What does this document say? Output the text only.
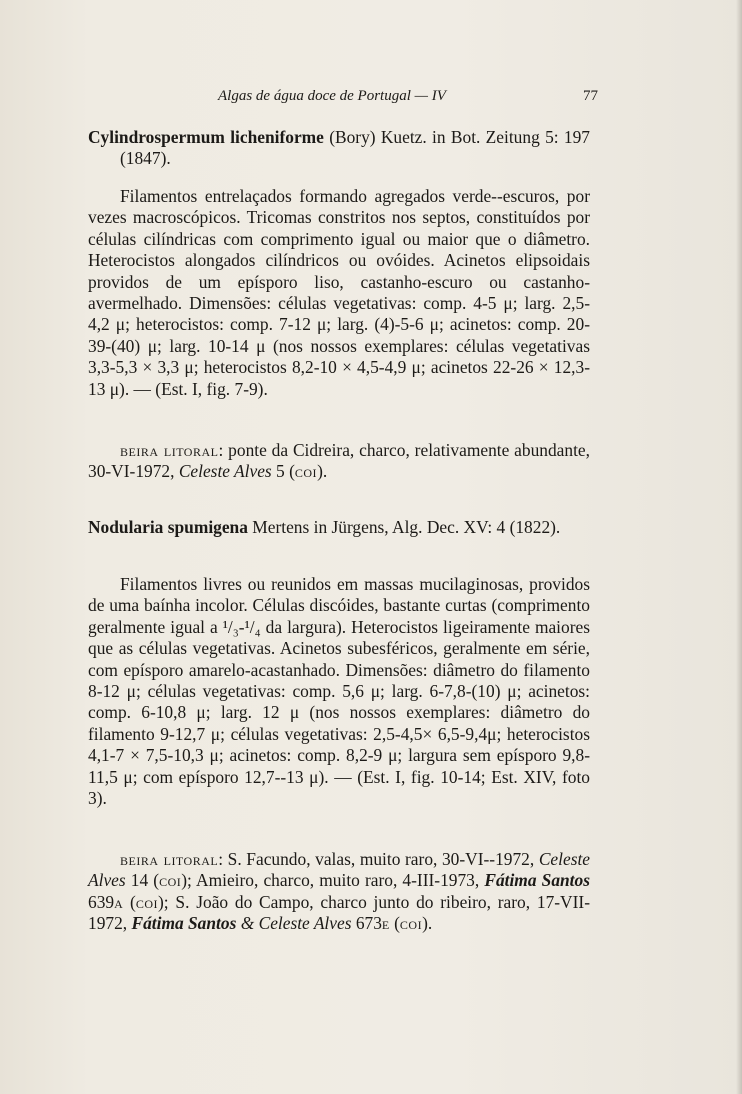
Algas de água doce de Portugal — IV	77
Cylindrospermum licheniforme (Bory) Kuetz. in Bot. Zeitung 5: 197 (1847).
Filamentos entrelaçados formando agregados verde--escuros, por vezes macroscópicos. Tricomas constritos nos septos, constituídos por células cilíndricas com comprimento igual ou maior que o diâmetro. Heterocistos alongados cilíndricos ou ovóides. Acinetos elipsoidais providos de um epísporo liso, castanho-escuro ou castanho-avermelhado. Dimensões: células vegetativas: comp. 4-5 μ; larg. 2,5-4,2 μ; heterocistos: comp. 7-12 μ; larg. (4)-5-6 μ; acinetos: comp. 20-39-(40) μ; larg. 10-14 μ (nos nossos exemplares: células vegetativas 3,3-5,3 × 3,3 μ; heterocistos 8,2-10 × 4,5-4,9 μ; acinetos 22-26 × 12,3-13 μ). — (Est. I, fig. 7-9).
beira litoral: ponte da Cidreira, charco, relativamente abundante, 30-VI-1972, Celeste Alves 5 (coi).
Nodularia spumigena Mertens in Jürgens, Alg. Dec. XV: 4 (1822).
Filamentos livres ou reunidos em massas mucilaginosas, providos de uma baínha incolor. Células discóides, bastante curtas (comprimento geralmente igual a ¹/₃-¹/₄ da largura). Heterocistos ligeiramente maiores que as células vegetativas. Acinetos subesféricos, geralmente em série, com epísporo amarelo-acastanhado. Dimensões: diâmetro do filamento 8-12 μ; células vegetativas: comp. 5,6 μ; larg. 6-7,8-(10) μ; acinetos: comp. 6-10,8 μ; larg. 12 μ (nos nossos exemplares: diâmetro do filamento 9-12,7 μ; células vegetativas: 2,5-4,5× 6,5-9,4μ; heterocistos 4,1-7 × 7,5-10,3 μ; acinetos: comp. 8,2-9 μ; largura sem epísporo 9,8-11,5 μ; com epísporo 12,7--13 μ). — (Est. I, fig. 10-14; Est. XIV, foto 3).
beira litoral: S. Facundo, valas, muito raro, 30-VI--1972, Celeste Alves 14 (coi); Amieiro, charco, muito raro, 4-III-1973, Fátima Santos 639a (coi); S. João do Campo, charco junto do ribeiro, raro, 17-VII-1972, Fátima Santos & Celeste Alves 673e (coi).
